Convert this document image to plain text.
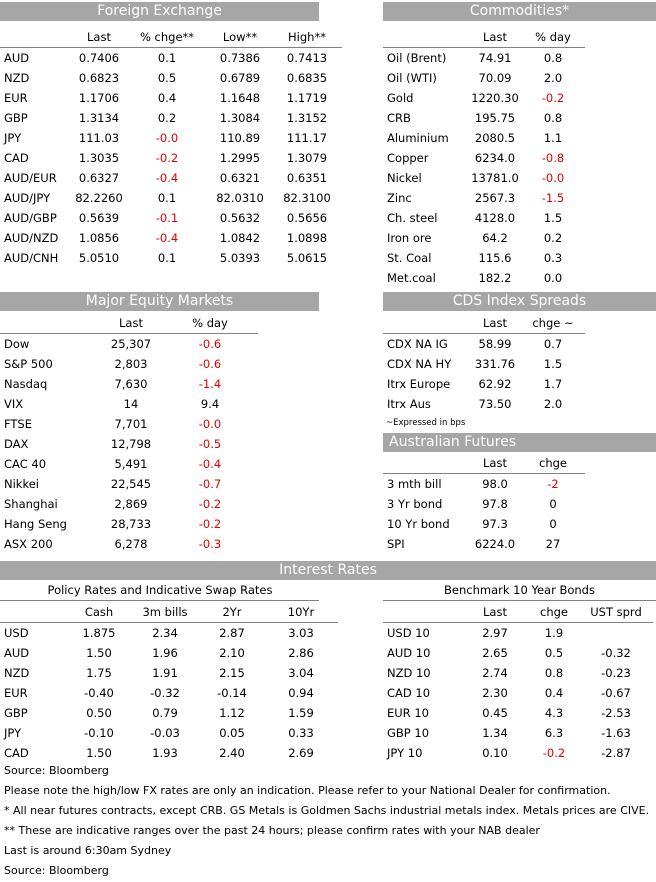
Foreign Exchange
	Last	% chge**	Low**	High**
AUD	0.7406	0.1	0.7386	0.7413
NZD	0.6823	0.5	0.6789	0.6835
EUR	1.1706	0.4	1.1648	1.1719
GBP	1.3134	0.2	1.3084	1.3152
JPY	111.03	-0.0	110.89	111.17
CAD	1.3035	-0.2	1.2995	1.3079
AUD/EUR	0.6327	-0.4	0.6321	0.6351
AUD/JPY	82.2260	0.1	82.0310	82.3100
AUD/GBP	0.5639	-0.1	0.5632	0.5656
AUD/NZD	1.0856	-0.4	1.0842	1.0898
AUD/CNH	5.0510	0.1	5.0393	5.0615
Commodities*
	Last	% day
Oil (Brent)	74.91	0.8
Oil (WTI)	70.09	2.0
Gold	1220.30	-0.2
CRB	195.75	0.8
Aluminium	2080.5	1.1
Copper	6234.0	-0.8
Nickel	13781.0	-0.0
Zinc	2567.3	-1.5
Ch. steel	4128.0	1.5
Iron ore	64.2	0.2
St. Coal	115.6	0.3
Met.coal	182.2	0.0
Major Equity Markets
	Last	% day
Dow	25,307	-0.6
S&P 500	2,803	-0.6
Nasdaq	7,630	-1.4
VIX	14	9.4
FTSE	7,701	-0.0
DAX	12,798	-0.5
CAC 40	5,491	-0.4
Nikkei	22,545	-0.7
Shanghai	2,869	-0.2
Hang Seng	28,733	-0.2
ASX 200	6,278	-0.3
CDS Index Spreads
	Last	chge ~
CDX NA IG	58.99	0.7
CDX NA HY	331.76	1.5
Itrx Europe	62.92	1.7
Itrx Aus	73.50	2.0
~Expressed in bps
Australian Futures
	Last	chge
3 mth bill	98.0	-2
3 Yr bond	97.8	0
10 Yr bond	97.3	0
SPI	6224.0	27
Interest Rates
Policy Rates and Indicative Swap Rates
	Cash	3m bills	2Yr	10Yr
USD	1.875	2.34	2.87	3.03
AUD	1.50	1.96	2.10	2.86
NZD	1.75	1.91	2.15	3.04
EUR	-0.40	-0.32	-0.14	0.94
GBP	0.50	0.79	1.12	1.59
JPY	-0.10	-0.03	0.05	0.33
CAD	1.50	1.93	2.40	2.69
Benchmark 10 Year Bonds
	Last	chge	UST sprd
USD 10	2.97	1.9	
AUD 10	2.65	0.5	-0.32
NZD 10	2.74	0.8	-0.23
CAD 10	2.30	0.4	-0.67
EUR 10	0.45	4.3	-2.53
GBP 10	1.34	6.3	-1.63
JPY 10	0.10	-0.2	-2.87
Source: Bloomberg
Please note the high/low FX rates are only an indication. Please refer to your National Dealer for confirmation.
* All near futures contracts, except CRB. GS Metals is Goldmen Sachs industrial metals index. Metals prices are CIVE.
** These are indicative ranges over the past 24 hours; please confirm rates with your NAB dealer
Last is around 6:30am Sydney
Source: Bloomberg
